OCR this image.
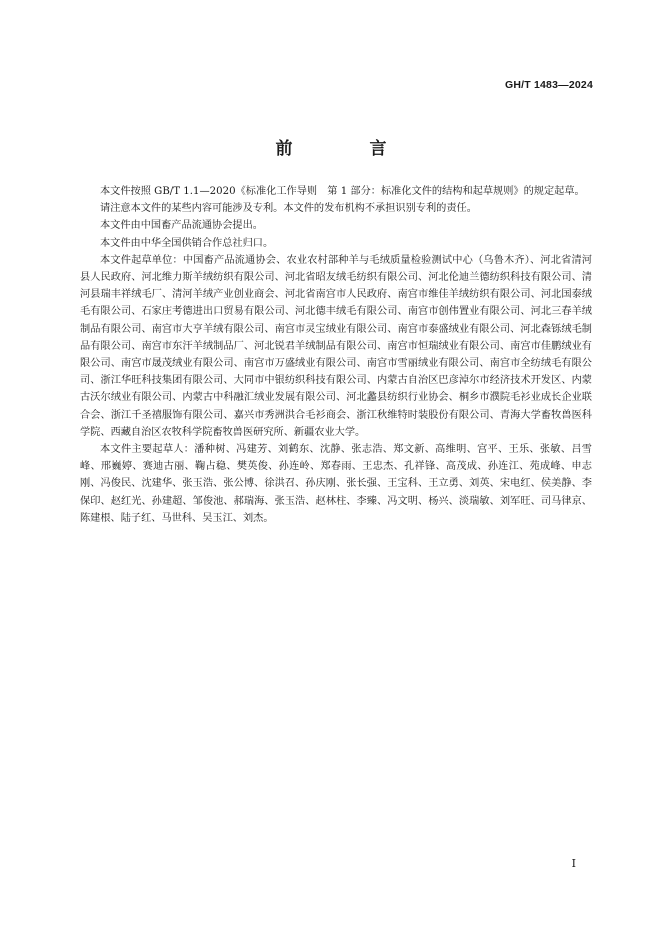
GH/T 1483—2024
前　言

本文件按照 GB/T 1.1—2020《标准化工作导则　第 1 部分：标准化文件的结构和起草规则》的规定起草。

请注意本文件的某些内容可能涉及专利。本文件的发布机构不承担识别专利的责任。

本文件由中国畜产品流通协会提出。

本文件由中华全国供销合作总社归口。

本文件起草单位：中国畜产品流通协会、农业农村部种羊与毛绒质量检验测试中心（乌鲁木齐）、河北省清河县人民政府、河北维力斯羊绒纺织有限公司、河北省昭友绒毛纺织有限公司、河北伦迪兰德纺织科技有限公司、清河县瑞丰祥绒毛厂、清河羊绒产业创业商会、河北省南宫市人民政府、南宫市维佳羊绒纺织有限公司、河北国泰绒毛有限公司、石家庄考德进出口贸易有限公司、河北德丰绒毛有限公司、南宫市创伟置业有限公司、河北三春羊绒制品有限公司、南宫市大亨羊绒有限公司、南宫市灵宝绒业有限公司、南宫市泰盛绒业有限公司、河北森铄绒毛制品有限公司、南宫市东汗羊绒制品厂、河北锐君羊绒制品有限公司、南宫市恒瑞绒业有限公司、南宫市佳鹏绒业有限公司、南宫市晟茂绒业有限公司、南宫市万盛绒业有限公司、南宫市雪丽绒业有限公司、南宫市全纺绒毛有限公司、浙江华旺科技集团有限公司、大同市中银纺织科技有限公司、内蒙古自治区巴彦淖尔市经济技术开发区、内蒙古沃尔绒业有限公司、内蒙古中科融汇绒业发展有限公司、河北蠡县纺织行业协会、桐乡市濮院毛衫业成长企业联合会、浙江千圣禧服饰有限公司、嘉兴市秀洲洪合毛衫商会、浙江秋维特时装股份有限公司、青海大学畜牧兽医科学院、西藏自治区农牧科学院畜牧兽医研究所、新疆农业大学。

本文件主要起草人：潘种树、冯建芳、刘鹤东、沈静、张志浩、郑文新、高维明、宫平、王乐、张敏、吕雪峰、邢巍婷、赛迪古丽、鞠占稳、樊英俊、孙连岭、郑春雨、王忠杰、孔祥锋、高茂成、孙连江、苑成峰、申志刚、冯俊民、沈建华、张玉浩、张公博、徐洪召、孙庆刚、张长强、王宝科、王立勇、刘英、宋电红、侯美静、李保印、赵红光、孙建超、邹俊池、郝瑞海、张玉浩、赵林柱、李臻、冯文明、杨兴、淡瑞敏、刘军旺、司马律京、陈建根、陆子红、马世科、吴玉江、刘杰。

I
